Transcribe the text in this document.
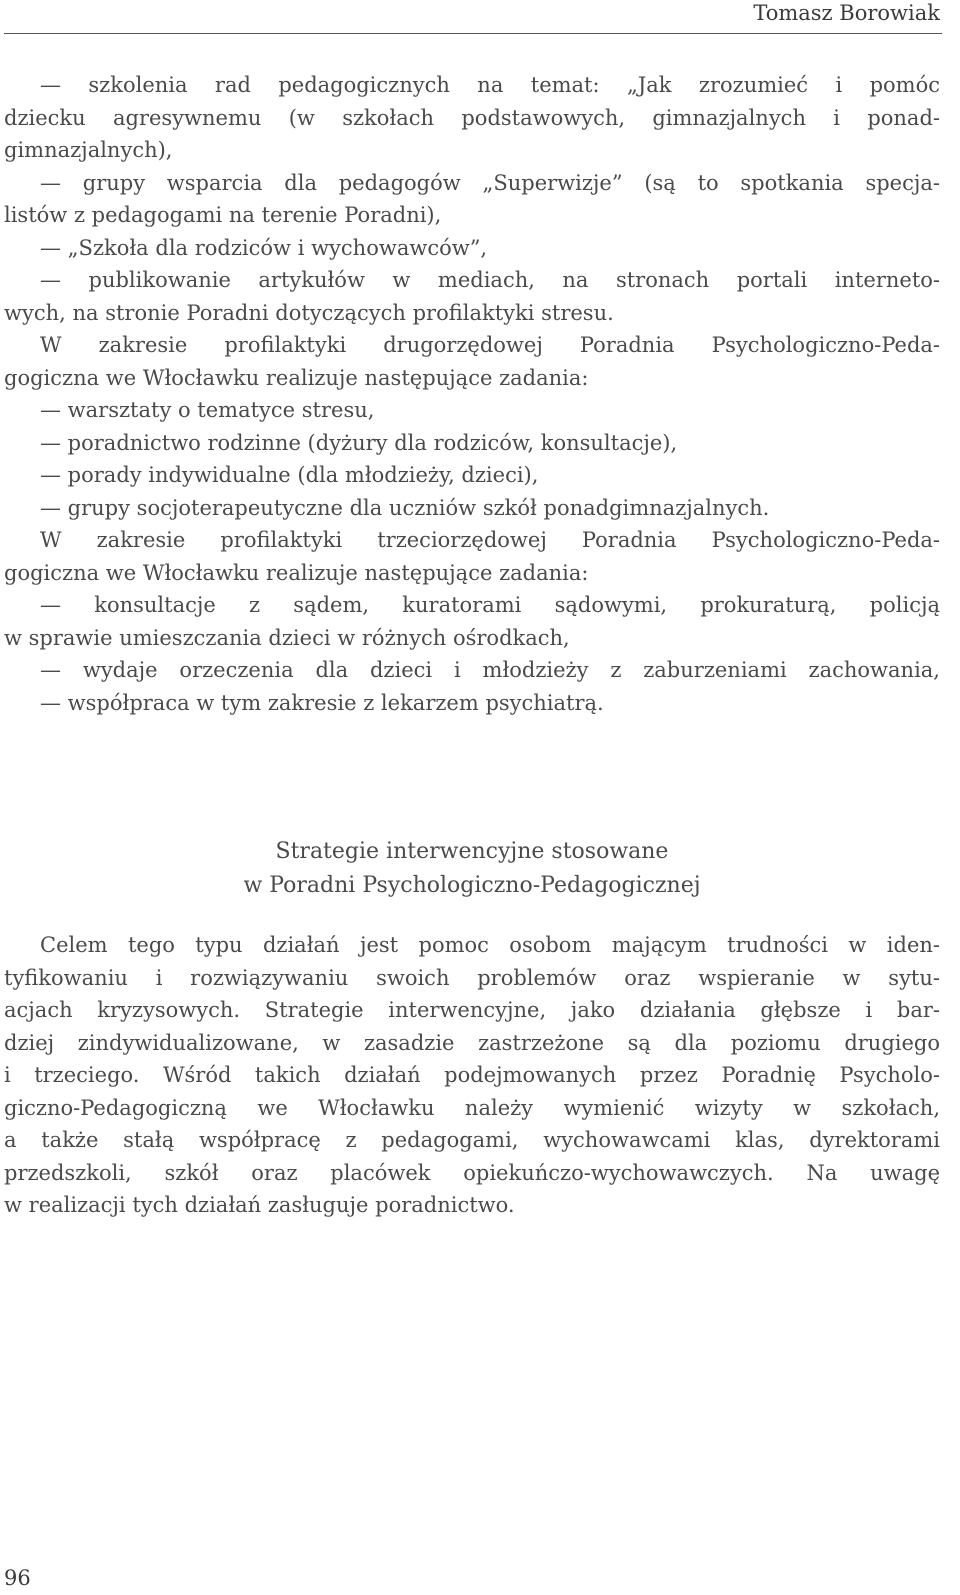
Tomasz Borowiak
— szkolenia rad pedagogicznych na temat: „Jak zrozumieć i pomóc
dziecku agresywnemu (w szkołach podstawowych, gimnazjalnych i ponad-
gimnazjalnych),
— grupy wsparcia dla pedagogów „Superwizje” (są to spotkania specja-
listów z pedagogami na terenie Poradni),
— „Szkoła dla rodziców i wychowawców”,
— publikowanie artykułów w mediach, na stronach portali interneto-
wych, na stronie Poradni dotyczących profilaktyki stresu.
W zakresie profilaktyki drugorzędowej Poradnia Psychologiczno-Peda-
gogiczna we Włocławku realizuje następujące zadania:
— warsztaty o tematyce stresu,
— poradnictwo rodzinne (dyżury dla rodziców, konsultacje),
— porady indywidualne (dla młodzieży, dzieci),
— grupy socjoterapeutyczne dla uczniów szkół ponadgimnazjalnych.
W zakresie profilaktyki trzeciorzędowej Poradnia Psychologiczno-Peda-
gogiczna we Włocławku realizuje następujące zadania:
— konsultacje z sądem, kuratorami sądowymi, prokuraturą, policją
w sprawie umieszczania dzieci w różnych ośrodkach,
— wydaje orzeczenia dla dzieci i młodzieży z zaburzeniami zachowania,
— współpraca w tym zakresie z lekarzem psychiatrą.
Strategie interwencyjne stosowane
w Poradni Psychologiczno-Pedagogicznej
Celem tego typu działań jest pomoc osobom mającym trudności w iden-
tyfikowaniu i rozwiązywaniu swoich problemów oraz wspieranie w sytu-
acjach kryzysowych. Strategie interwencyjne, jako działania głębsze i bar-
dziej zindywidualizowane, w zasadzie zastrzeżone są dla poziomu drugiego
i trzeciego. Wśród takich działań podejmowanych przez Poradnię Psycholo-
giczno-Pedagogiczną we Włocławku należy wymienić wizyty w szkołach,
a także stałą współpracę z pedagogami, wychowawcami klas, dyrektorami
przedszkoli, szkół oraz placówek opiekuńczo-wychowawczych. Na uwagę
w realizacji tych działań zasługuje poradnictwo.
96
